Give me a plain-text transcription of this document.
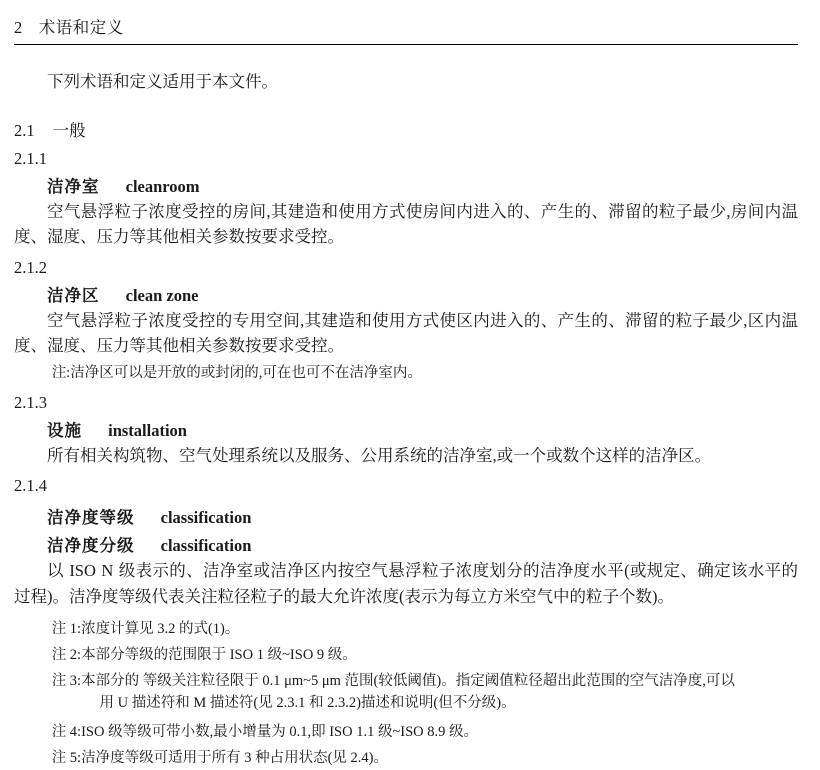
2 术语和定义

下列术语和定义适用于本文件。

2.1 一般
2.1.1
洁净室 cleanroom

空气悬浮粒子浓度受控的房间,其建造和使用方式使房间内进入的、产生的、滞留的粒子最少,房间内温度、湿度、压力等其他相关参数按要求受控。

2.1.2
洁净区 clean zone

空气悬浮粒子浓度受控的专用空间,其建造和使用方式使区内进入的、产生的、滞留的粒子最少,区内温度、湿度、压力等其他相关参数按要求受控。

注:洁净区可以是开放的或封闭的,可在也可不在洁净室内。

2.1.3
设施 installation

所有相关构筑物、空气处理系统以及服务、公用系统的洁净室,或一个或数个这样的洁净区。

2.1.4
洁净度等级 classification
洁净度分级 classification

以 ISO N 级表示的、洁净室或洁净区内按空气悬浮粒子浓度划分的洁净度水平(或规定、确定该水平的过程)。洁净度等级代表关注粒径粒子的最大允许浓度(表示为每立方米空气中的粒子个数)。

注 1:浓度计算见 3.2 的式(1)。

注 2:本部分等级的范围限于 ISO 1 级~ISO 9 级。

注 3:本部分的 等级关注粒径限于 0.1 μm~5 μm 范围(较低阈值)。指定阈值粒径超出此范围的空气洁净度,可以
用 U 描述符和 M 描述符(见 2.3.1 和 2.3.2)描述和说明(但不分级)。

注 4:ISO 级等级可带小数,最小增量为 0.1,即 ISO 1.1 级~ISO 8.9 级。

注 5:洁净度等级可适用于所有 3 种占用状态(见 2.4)。
